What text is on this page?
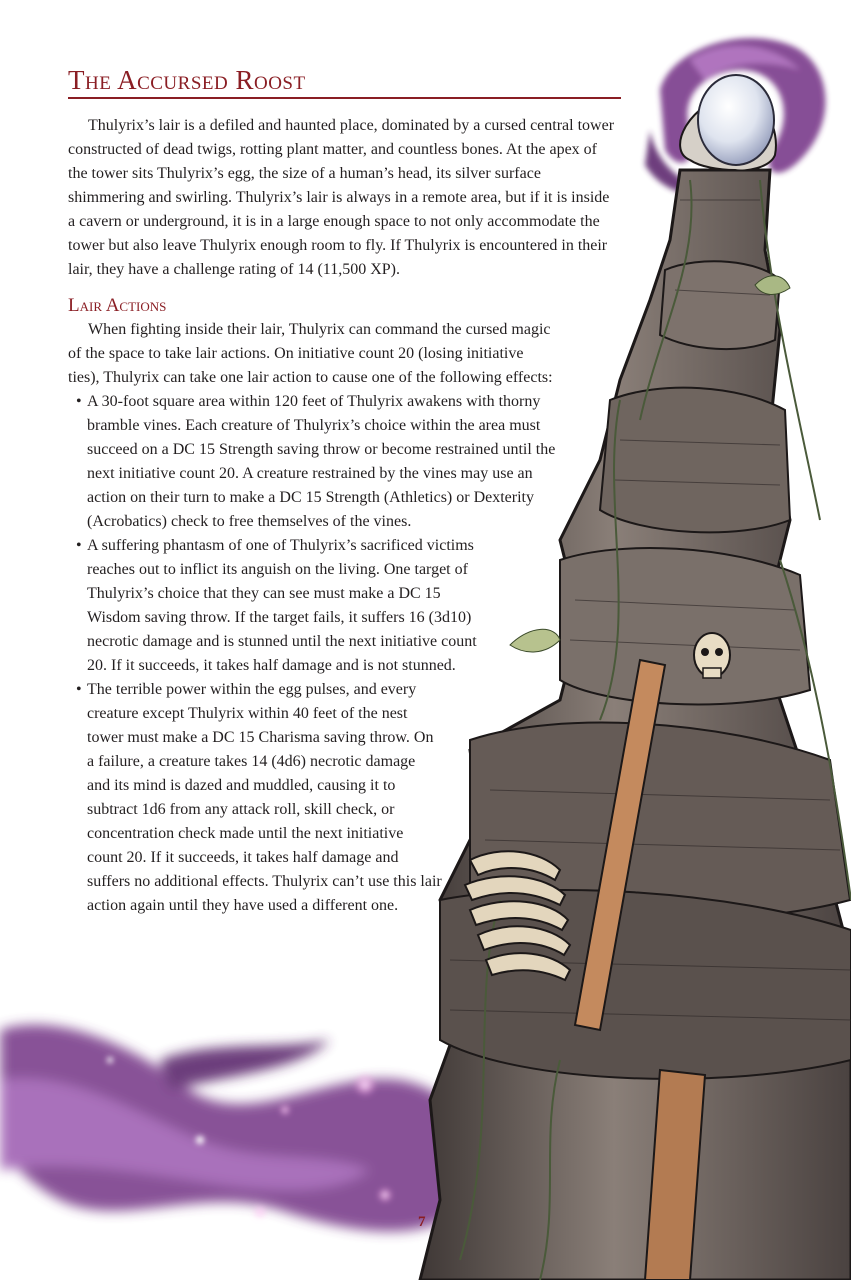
The Accursed Roost

Thulyrix’s lair is a defiled and haunted place, dominated by a cursed central tower constructed of dead twigs, rotting plant matter, and countless bones. At the apex of the tower sits Thulyrix’s egg, the size of a human’s head, its silver surface shimmering and swirling. Thulyrix’s lair is always in a remote area, but if it is inside a cavern or underground, it is in a large enough space to not only accommodate the tower but also leave Thulyrix enough room to fly. If Thulyrix is encountered in their lair, they have a challenge rating of 14 (11,500 XP).

Lair Actions

When fighting inside their lair, Thulyrix can command the cursed magic of the space to take lair actions. On initiative count 20 (losing initiative ties), Thulyrix can take one lair action to cause one of the following effects:

• A 30-foot square area within 120 feet of Thulyrix awakens with thorny bramble vines. Each creature of Thulyrix’s choice within the area must succeed on a DC 15 Strength saving throw or become restrained until the next initiative count 20. A creature restrained by the vines may use an action on their turn to make a DC 15 Strength (Athletics) or Dexterity (Acrobatics) check to free themselves of the vines.
• A suffering phantasm of one of Thulyrix’s sacrificed victims reaches out to inflict its anguish on the living. One target of Thulyrix’s choice that they can see must make a DC 15 Wisdom saving throw. If the target fails, it suffers 16 (3d10) necrotic damage and is stunned until the next initiative count 20. If it succeeds, it takes half damage and is not stunned.
• The terrible power within the egg pulses, and every creature except Thulyrix within 40 feet of the nest tower must make a DC 15 Charisma saving throw. On a failure, a creature takes 14 (4d6) necrotic damage and its mind is dazed and muddled, causing it to subtract 1d6 from any attack roll, skill check, or concentration check made until the next initiative count 20. If it succeeds, it takes half damage and suffers no additional effects. Thulyrix can’t use this lair action again until they have used a different one.
7
